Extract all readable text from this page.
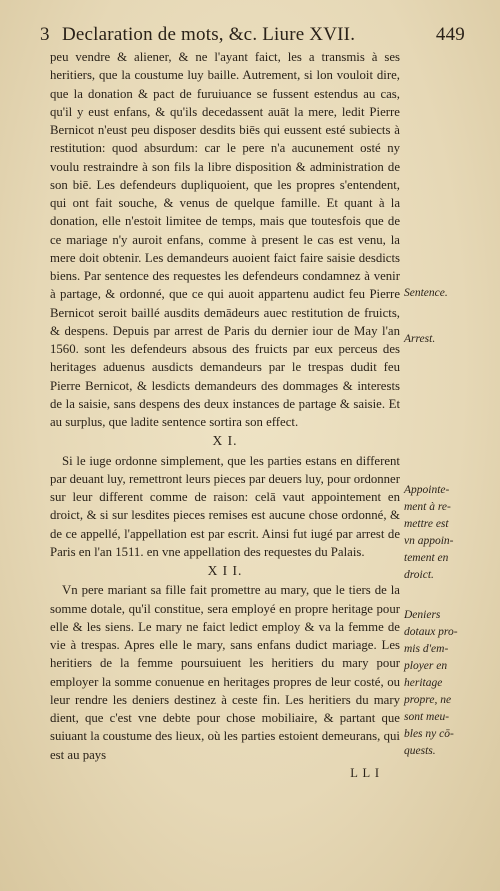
3 Declaration de mots, &c. Liure XVII.	449

peu vendre & aliener, & ne l'ayant faict, les a transmis à ses heritiers, que la coustume luy baille. Autrement, si lon vouloit dire, que la donation & pact de furuiuance se fussent estendus au cas, qu'il y eust enfans, & qu'ils decedassent auāt la mere, ledit Pierre Bernicot n'eust peu disposer desdits biēs qui eussent esté subiects à restitution: quod absurdum: car le pere n'a aucunement osté ny voulu restraindre à son fils la libre disposition & administration de son biē. Les defendeurs dupliquoient, que les propres s'entendent, qui ont fait souche, & venus de quelque famille. Et quant à la donation, elle n'estoit limitee de temps, mais que toutesfois que de ce mariage n'y auroit enfans, comme à present le cas est venu, la mere doit obtenir. Les demandeurs auoient faict faire saisie desdicts biens. Par sentence des requestes les defendeurs condamnez à venir à partage, & ordonné, que ce qui auoit appartenu audict feu Pierre Bernicot seroit baillé ausdits demādeurs auec restitution de fruicts, & despens. Depuis par arrest de Paris du dernier iour de May l'an 1560. sont les defendeurs absous des fruicts par eux perceus des heritages aduenus ausdicts demandeurs par le trespas dudit feu Pierre Bernicot, & lesdicts demandeurs des dommages & interests de la saisie, sans despens des deux instances de partage & saisie. Et au surplus, que ladite sentence sortira son effect.

X I.

Si le iuge ordonne simplement, que les parties estans en different par deuant luy, remettront leurs pieces par deuers luy, pour ordonner sur leur different comme de raison: celā vaut appointement en droict, & si sur lesdites pieces remises est aucune chose ordonné, & de ce appellé, l'appellation est par escrit. Ainsi fut iugé par arrest de Paris en l'an 1511. en vne appellation des requestes du Palais.

X I I.

Vn pere mariant sa fille fait promettre au mary, que le tiers de la somme dotale, qu'il constitue, sera employé en propre heritage pour elle & les siens. Le mary ne faict ledict employ & va la femme de vie à trespas. Apres elle le mary, sans enfans dudict mariage. Les heritiers de la femme poursuiuent les heritiers du mary pour employer la somme conuenue en heritages propres de leur costé, ou leur rendre les deniers destinez à ceste fin. Les heritiers du mary dient, que c'est vne debte pour chose mobiliaire, & partant que suiuant la coustume des lieux, où les parties estoient demeurans, qui est au pays

L L I
Sentence.
Arrest.
Appointe-
ment à re-
mettre est
vn appoin-
tement en
droict.
Deniers
dotaux pro-
mis d'em-
ployer en
heritage
propre, ne
sont meu-
bles ny cō-
quests.
